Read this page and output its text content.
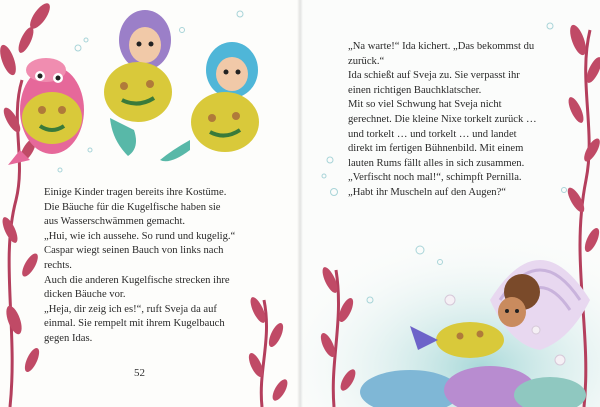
Einige Kinder tragen bereits ihre Kostüme.

Die Bäuche für die Kugelfische haben sie

aus Wasserschwämmen gemacht.

„Hui, wie ich aussehe. So rund und kugelig.“

Caspar wiegt seinen Bauch von links nach

rechts.

Auch die anderen Kugelfische strecken ihre

dicken Bäuche vor.

„Heja, dir zeig ich es!“, ruft Sveja da auf

einmal. Sie rempelt mit ihrem Kugelbauch

gegen Idas.

52

„Na warte!“ Ida kichert. „Das bekommst du

zurück.“

Ida schießt auf Sveja zu. Sie verpasst ihr

einen richtigen Bauchklatscher.

Mit so viel Schwung hat Sveja nicht

gerechnet. Die kleine Nixe torkelt zurück …

und torkelt … und torkelt … und landet

direkt im fertigen Bühnenbild. Mit einem

lauten Rums fällt alles in sich zusammen.

„Verfischt noch mal!“, schimpft Pernilla.

„Habt ihr Muscheln auf den Augen?“
